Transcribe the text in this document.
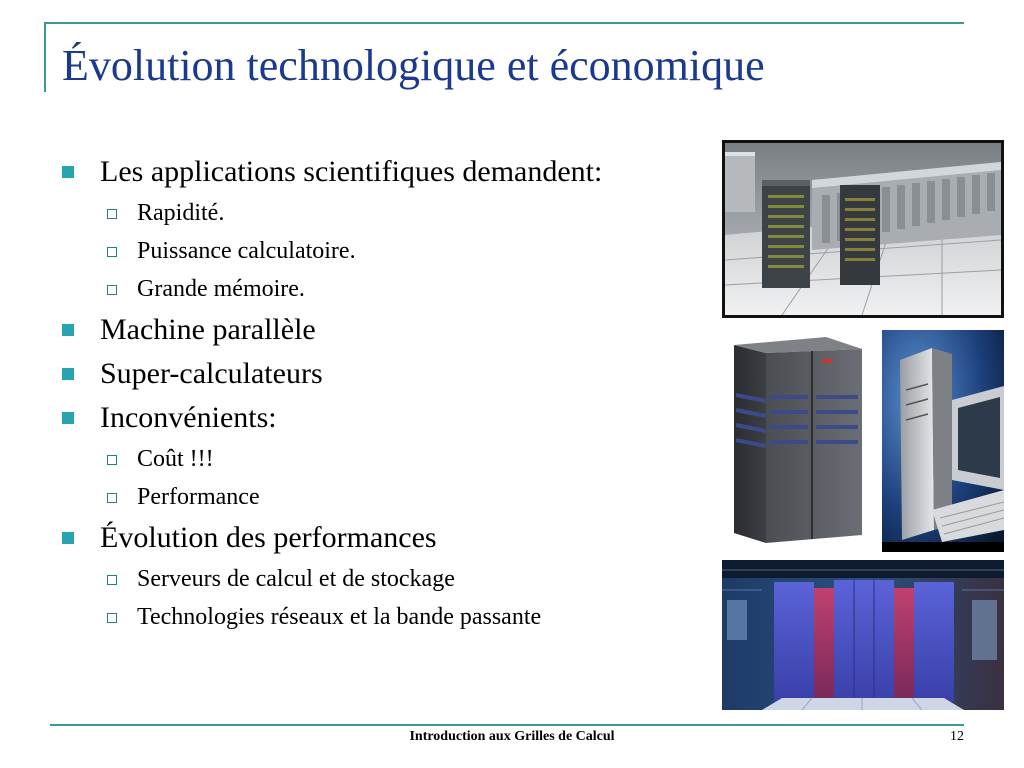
Évolution technologique et économique
Les applications scientifiques demandent:
Rapidité.
Puissance calculatoire.
Grande mémoire.
Machine parallèle
Super-calculateurs
Inconvénients:
Coût !!!
Performance
Évolution des performances
Serveurs de calcul et de stockage
Technologies réseaux et la bande passante
Introduction aux Grilles de Calcul	12
